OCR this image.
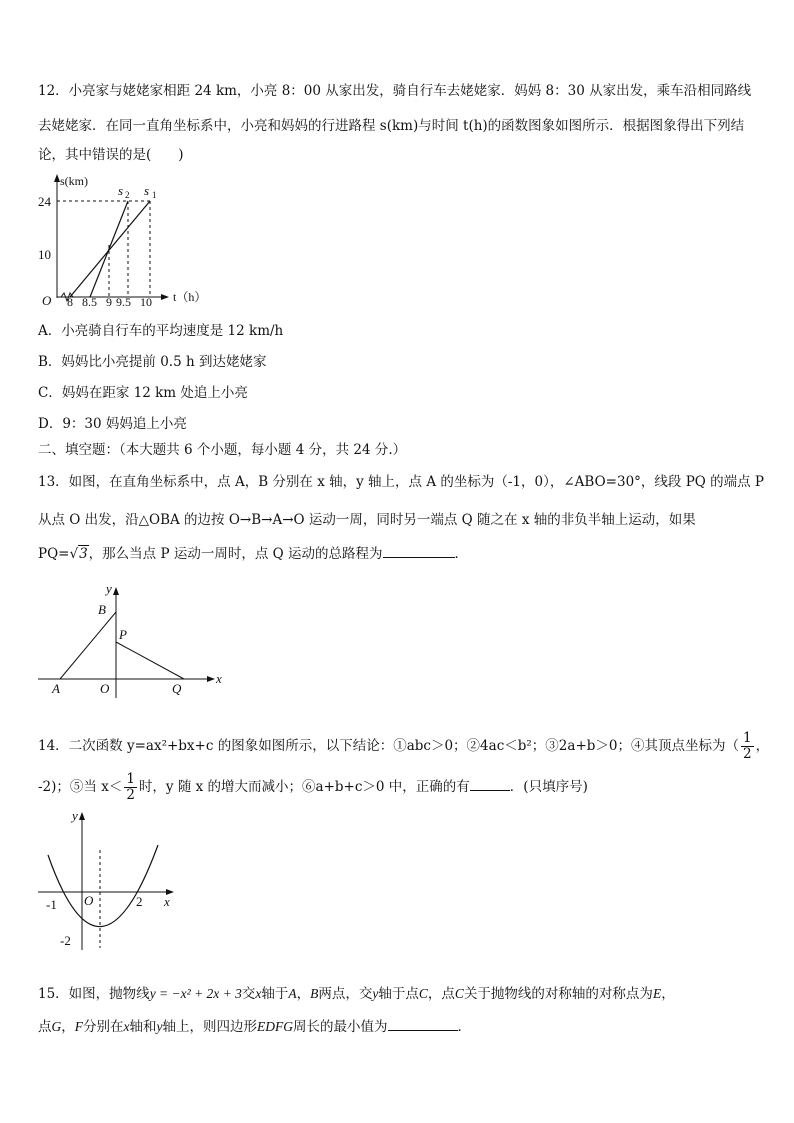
12．小亮家与姥姥家相距 24 km，小亮 8：00 从家出发，骑自行车去姥姥家．妈妈 8：30 从家出发，乘车沿相同路线
去姥姥家．在同一直角坐标系中，小亮和妈妈的行进路程 s(km)与时间 t(h)的函数图象如图所示．根据图象得出下列结
论，其中错误的是(　　)
s(km)
24
10
O 8 8.5 9 9.5 10 t（h）
s 2 s 1
A．小亮骑自行车的平均速度是 12 km/h
B．妈妈比小亮提前 0.5 h 到达姥姥家
C．妈妈在距家 12 km 处追上小亮
D．9：30 妈妈追上小亮
二、填空题：（本大题共 6 个小题，每小题 4 分，共 24 分.）
13．如图，在直角坐标系中，点 A，B 分别在 x 轴，y 轴上，点 A 的坐标为（-1，0），∠ABO=30°，线段 PQ 的端点 P
从点 O 出发，沿△OBA 的边按 O→B→A→O 运动一周，同时另一端点 Q 随之在 x 轴的非负半轴上运动，如果
PQ=√3，那么当点 P 运动一周时，点 Q 运动的总路程为	．
y
x
B
P
A	O	Q
14．二次函数 y=ax²+bx+c 的图象如图所示，以下结论：①abc＞0；②4ac＜b²；③2a+b＞0；④其顶点坐标为（ $\frac{1}{2}$ ，
-2)；⑤当 $x< \frac{1}{2}$ 时，y 随 x 的增大而减小；⑥a+b+c＞0 中，正确的有	．(只填序号)
y
x
O
-1	2
-2
15．如图，抛物线y = −x² + 2x + 3交x轴于A，B两点，交y轴于点C，点C关于抛物线的对称轴的对称点为E，
点G，F分别在x轴和y轴上，则四边形EDFG周长的最小值为	．
